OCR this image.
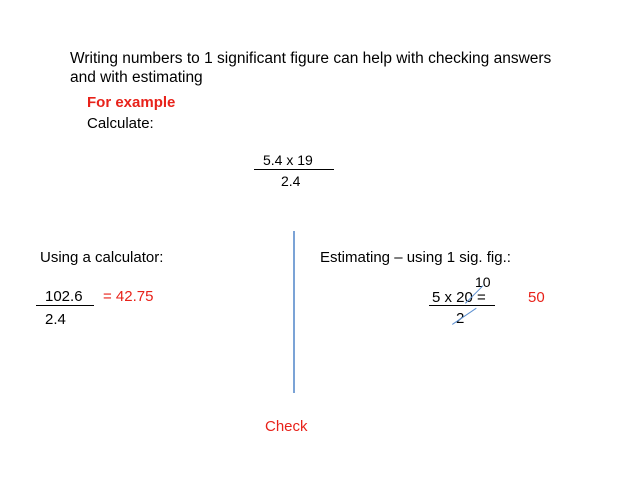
Writing numbers to 1 significant figure can help with checking answers
and with estimating
For example
Calculate:
5.4 x 19
2.4
Using a calculator:
102.6
2.4
= 42.75
Estimating – using 1 sig. fig.:
10
5 x 20 =
2
50
Check
